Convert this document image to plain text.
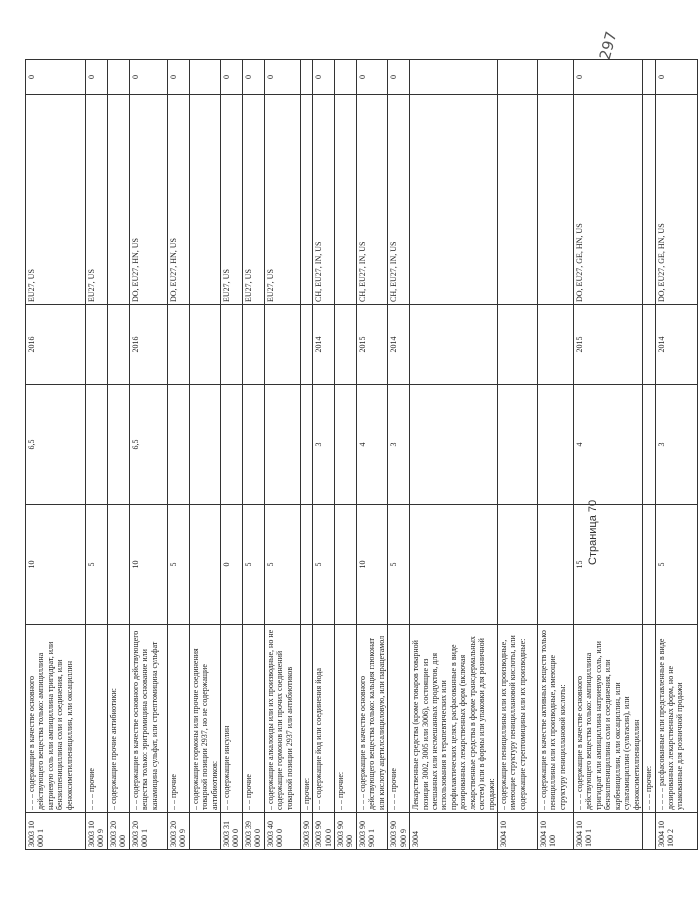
297
3003 10 000 1	– – – содержащие в качестве основного действующего вещества только: ампициллина натриевую соль или ампициллина тригидрат, или бензилпенициллина соли и соединения, или феноксиметилпенициллин, или оксациллин	10	6,5	2016	EU27, US	0
3003 10 000 9	– – – прочие	5			EU27, US	0
3003 20 000	– содержащие прочие антибиотики:					
3003 20 000 1	– – содержащие в качестве основного действующего вещества только: эритромицина основание или канамицина сульфат, или стрептомицина сульфат	10	6,5	2016	DO, EU27, HN, US	0
3003 20 000 9	– – прочие	5			DO, EU27, HN, US	0
	– содержащие гормоны или прочие соединения товарной позиции 2937, но не содержащие антибиотиков:					
3003 31 000 0	– – содержащие инсулин	0			EU27, US	0
3003 39 000 0	– – прочие	5			EU27, US	0
3003 40 000 0	– содержащие алкалоиды или их производные, но не содержащие гормонов или прочих соединений товарной позиции 2937 или антибиотиков	5			EU27, US	0
3003 90	– прочие:					
3003 90 100 0	– – содержащие йод или соединения йода	5	3	2014	CH, EU27, IN, US	0
3003 90 900	– – прочие:					
3003 90 900 1	– – – содержащие в качестве основного действующего вещества только: кальция глюконат или кислоту ацетилсалициловую, или парацетамол	10	4	2015	CH, EU27, IN, US	0
3003 90 900 9	– – – прочие	5	3	2014	CH, EU27, IN, US	0
3004	Лекарственные средства (кроме товаров товарной позиции 3002, 3005 или 3006), состоящие из смешанных или несмешанных продуктов, для использования в терапевтических или профилактических целях, расфасованные в виде дозированных лекарственных форм (включая лекарственные средства в форме трансдермальных систем) или в формы или упаковки для розничной продажи:					
3004 10	– содержащие пенициллины или их производные, имеющие структуру пенициллановой кислоты, или содержащие стрептомицины или их производные:					
3004 10 100	– – содержащие в качестве активных веществ только пенициллины или их производные, имеющие структуру пенициллановой кислоты:					
3004 10 100 1	– – – содержащие в качестве основного действующего вещества только: ампициллина тригидрат или ампициллина натриевую соль, или бензилпенициллина соли и соединения, или карбенициллин, или оксациллин, или сультамициллин (сультасин), или феноксиметилпенициллин	15	4	2015	DO, EU27, GE, HN, US	0
	– – – прочие:					
3004 10 100 2	– – – – расфасованные или представленные в виде дозированных лекарственных форм, но не упакованные для розничной продажи	5	3	2014	DO, EU27, GE, HN, US	0
Страница 70
